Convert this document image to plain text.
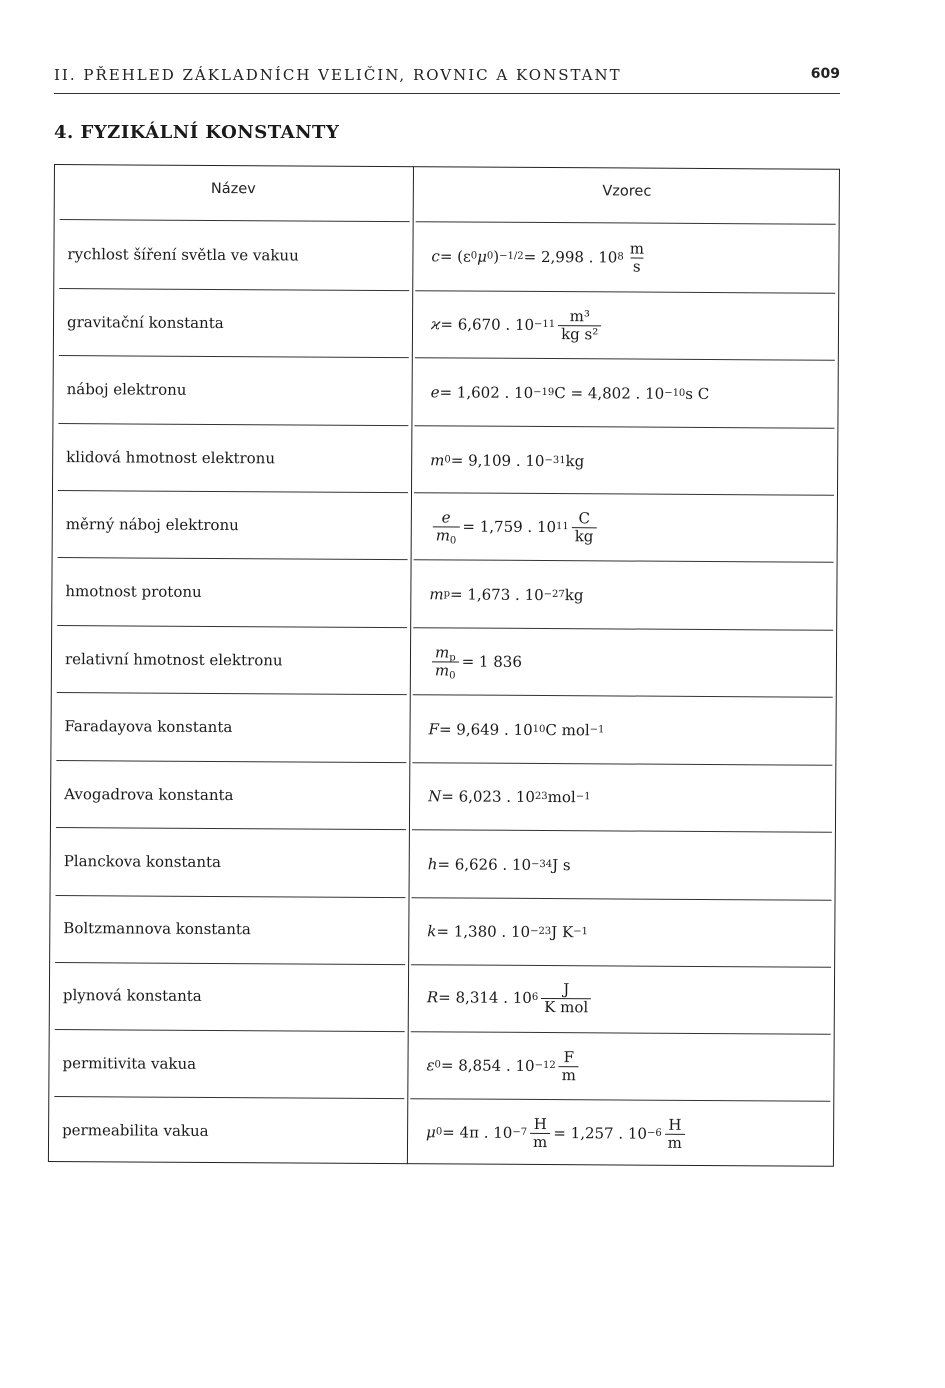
II. PŘEHLED ZÁKLADNÍCH VELIČIN, ROVNIC A KONSTANT	609
4. FYZIKÁLNÍ KONSTANTY
Název	Vzorec
rychlost šíření světla ve vakuu	c = (ε 0 μ 0 ) −1/2 = 2,998 . 10 $8 \frac{m}{s}$
gravitační konstanta	ϰ = 6,670 . $10 -11 \frac{\text{m³}}{\text{kg s²}}$
náboj elektronu	e = 1,602 . 10 −19 C = 4,802 . 10 −10 s C
klidová hmotnost elektronu	m 0 = 9,109 . 10 −31 kg
měrný náboj elektronu	$\frac{e}{m_0} = 1,759$ . 10 $11 \frac{C}{kg}$
hmotnost protonu	m p = 1,673 . 10 −27 kg
relativní hmotnost elektronu	$\frac{m_p}{m_0} = 1$ 836
Faradayova konstanta	F = 9,649 . 10 10 C mol −1
Avogadrova konstanta	N = 6,023 . 10 23 mol −1
Planckova konstanta	h = 6,626 . 10 −34 J s
Boltzmannova konstanta	k = 1,380 . 10 −23 J K −1
plynová konstanta	R = 8,314 . 10 $6 \frac{J}{\text{K mol}}$
permitivita vakua	ε 0 = 8,854 . $10 -12 \frac{F}{m}$
permeabilita vakua	μ 0 = 4π . $10 -7 \frac{H}{m} = 1,257$ . $10 -6 \frac{H}{m}$
